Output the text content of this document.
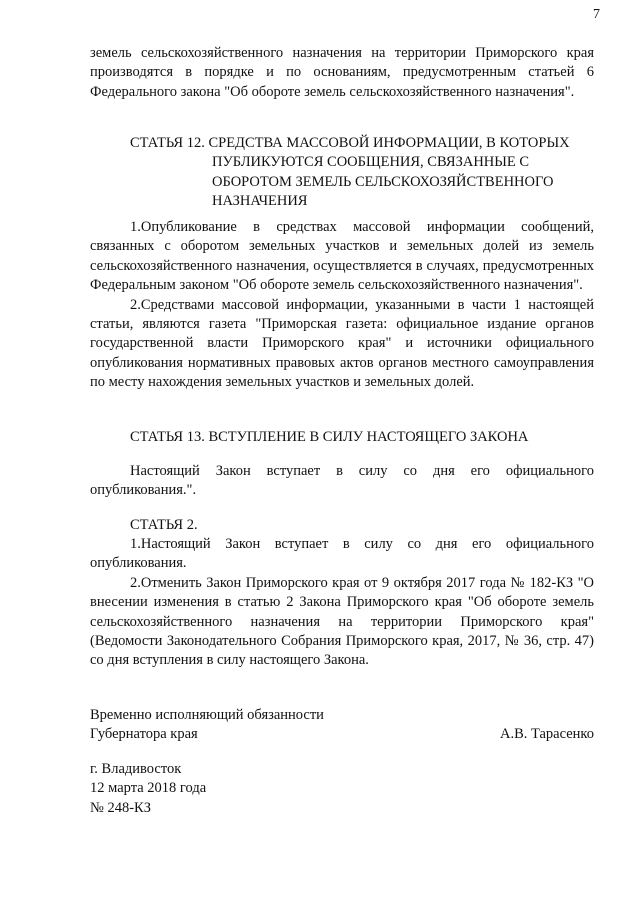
7

земель сельскохозяйственного назначения на территории Приморского края производятся в порядке и по основаниям, предусмотренным статьей 6 Федерального закона "Об обороте земель сельскохозяйственного назначения".

СТАТЬЯ 12. СРЕДСТВА МАССОВОЙ ИНФОРМАЦИИ, В КОТОРЫХ
ПУБЛИКУЮТСЯ СООБЩЕНИЯ, СВЯЗАННЫЕ С
ОБОРОТОМ ЗЕМЕЛЬ СЕЛЬСКОХОЗЯЙСТВЕННОГО
НАЗНАЧЕНИЯ

1.Опубликование в средствах массовой информации сообщений, связанных с оборотом земельных участков и земельных долей из земель сельскохозяйственного назначения, осуществляется в случаях, предусмотренных Федеральным законом "Об обороте земель сельскохозяйственного назначения".

2.Средствами массовой информации, указанными в части 1 настоящей статьи, являются газета "Приморская газета: официальное издание органов государственной власти Приморского края" и источники официального опубликования нормативных правовых актов органов местного самоуправления по месту нахождения земельных участков и земельных долей.

СТАТЬЯ 13. ВСТУПЛЕНИЕ В СИЛУ НАСТОЯЩЕГО ЗАКОНА

Настоящий Закон вступает в силу со дня его официального опубликования.".

СТАТЬЯ 2.

1.Настоящий Закон вступает в силу со дня его официального опубликования.

2.Отменить Закон Приморского края от 9 октября 2017 года № 182-КЗ "О внесении изменения в статью 2 Закона Приморского края "Об обороте земель сельскохозяйственного назначения на территории Приморского края" (Ведомости Законодательного Собрания Приморского края, 2017, № 36, стр. 47) со дня вступления в силу настоящего Закона.

Временно исполняющий обязанности
Губернатора края	А.В. Тарасенко
г. Владивосток
12 марта 2018 года
№ 248-КЗ
